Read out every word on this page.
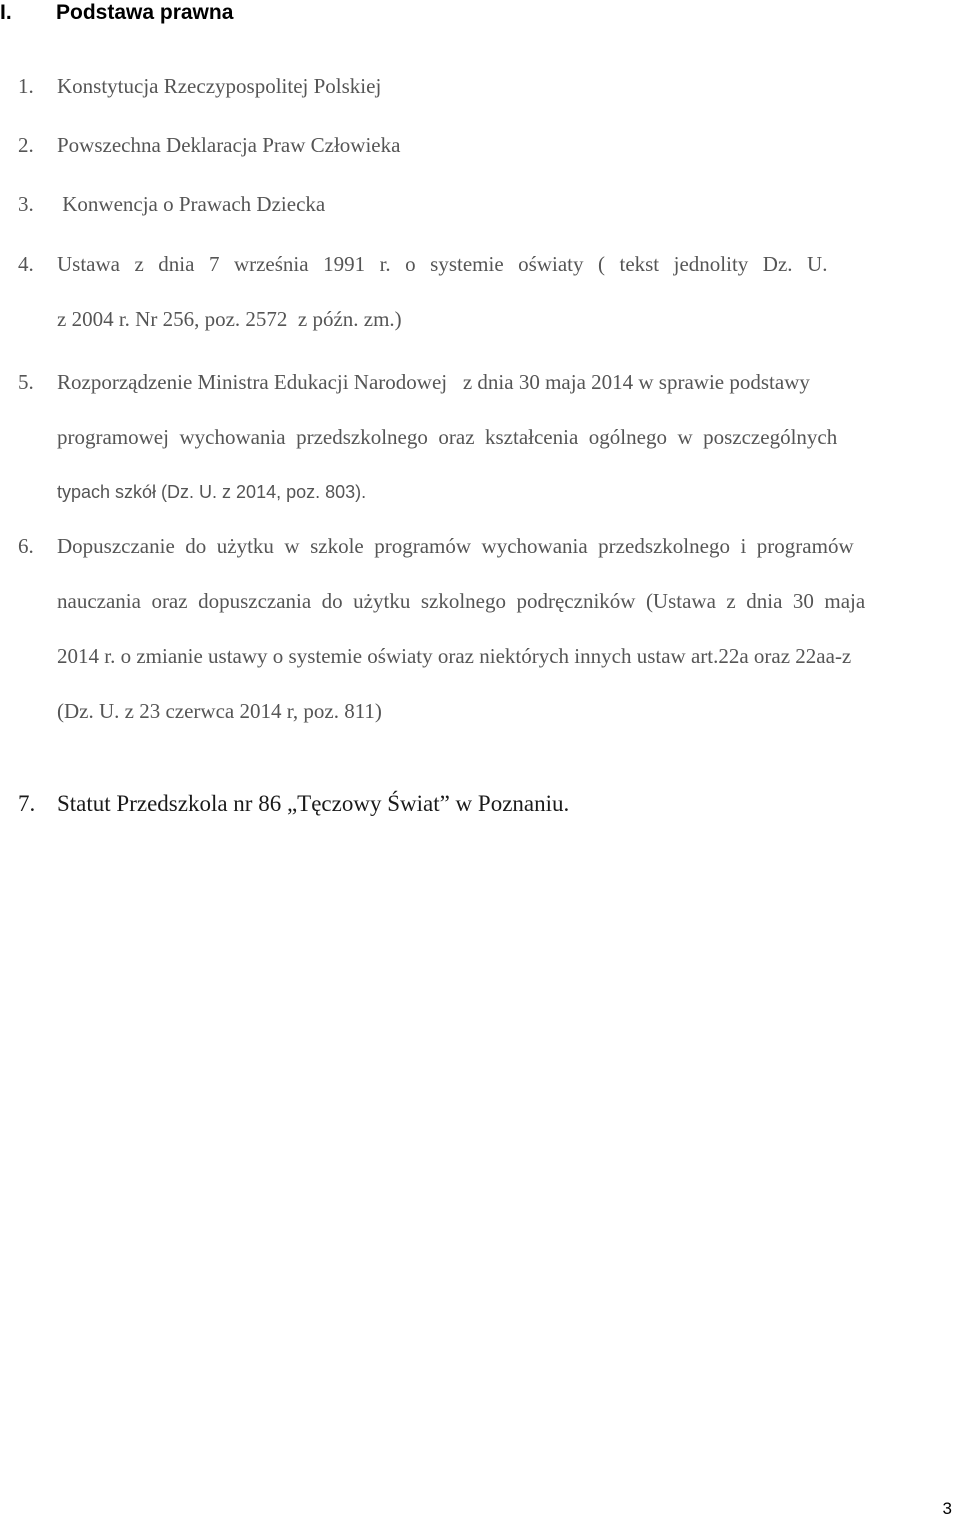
I. Podstawa prawna
1. Konstytucja Rzeczypospolitej Polskiej
2. Powszechna Deklaracja Praw Człowieka
3. Konwencja o Prawach Dziecka
4. Ustawa  z  dnia  7  września  1991  r.  o  systemie  oświaty  (  tekst  jednolity  Dz.  U.
z 2004 r. Nr 256, poz. 2572  z późn. zm.)
5. Rozporządzenie Ministra Edukacji Narodowej   z dnia 30 maja 2014 w sprawie podstawy
programowej  wychowania  przedszkolnego  oraz  kształcenia  ogólnego  w  poszczególnych
typach szkół (Dz. U. z 2014, poz. 803).
6. Dopuszczanie  do  użytku  w  szkole  programów  wychowania  przedszkolnego  i  programów
nauczania  oraz  dopuszczania  do  użytku  szkolnego  podręczników  (Ustawa  z  dnia  30  maja
2014 r. o zmianie ustawy o systemie oświaty oraz niektórych innych ustaw art.22a oraz 22aa-z
(Dz. U. z 23 czerwca 2014 r, poz. 811)
7. Statut Przedszkola nr 86 „Tęczowy Świat” w Poznaniu.
3
